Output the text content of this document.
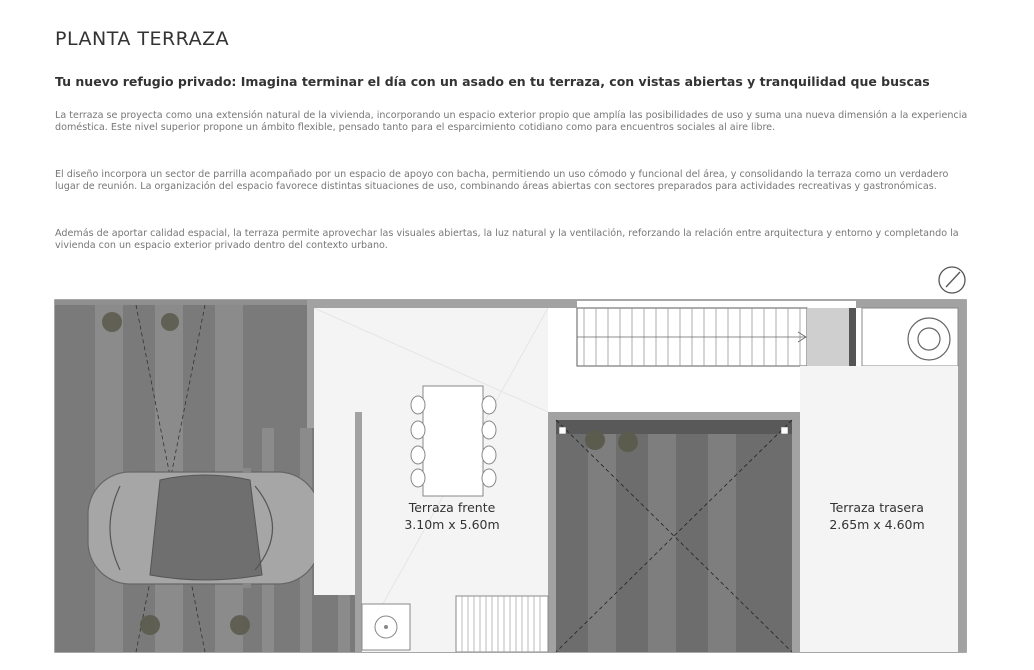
PLANTA TERRAZA
Tu nuevo refugio privado: Imagina terminar el día con un asado en tu terraza, con vistas abiertas y tranquilidad que buscas

La terraza se proyecta como una extensión natural de la vivienda, incorporando un espacio exterior propio que amplía las posibilidades de uso y suma una nueva dimensión a la experiencia doméstica. Este nivel superior propone un ámbito flexible, pensado tanto para el esparcimiento cotidiano como para encuentros sociales al aire libre.

El diseño incorpora un sector de parrilla acompañado por un espacio de apoyo con bacha, permitiendo un uso cómodo y funcional del área, y consolidando la terraza como un verdadero lugar de reunión. La organización del espacio favorece distintas situaciones de uso, combinando áreas abiertas con sectores preparados para actividades recreativas y gastronómicas.

Además de aportar calidad espacial, la terraza permite aprovechar las visuales abiertas, la luz natural y la ventilación, reforzando la relación entre arquitectura y entorno y completando la vivienda con un espacio exterior privado dentro del contexto urbano.

Terraza frente
3.10m x 5.60m
Terraza trasera
2.65m x 4.60m
